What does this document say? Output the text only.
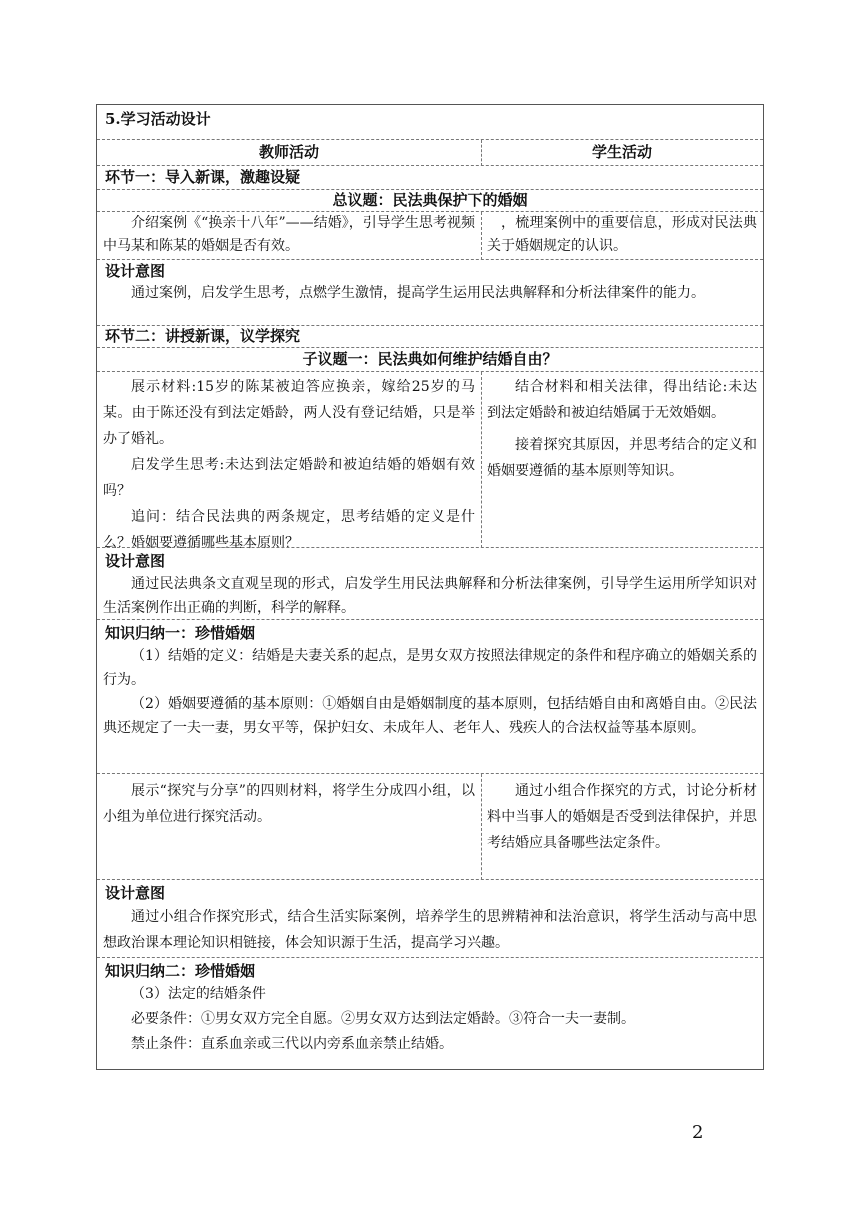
5.学习活动设计
教师活动	学生活动
环节一：导入新课，激趣设疑
总议题：民法典保护下的婚姻

介绍案例《“换亲十八年”——结婚》，引导学生思考视频中马某和陈某的婚姻是否有效。

，梳理案例中的重要信息，形成对民法典关于婚姻规定的认识。

设计意图

通过案例，启发学生思考，点燃学生激情，提高学生运用民法典解释和分析法律案件的能力。

环节二：讲授新课，议学探究
子议题一：民法典如何维护结婚自由？

展示材料:15岁的陈某被迫答应换亲，嫁给25岁的马某。由于陈还没有到法定婚龄，两人没有登记结婚，只是举办了婚礼。

启发学生思考:未达到法定婚龄和被迫结婚的婚姻有效吗？

追问：结合民法典的两条规定，思考结婚的定义是什么？婚姻要遵循哪些基本原则？

结合材料和相关法律，得出结论:未达到法定婚龄和被迫结婚属于无效婚姻。

接着探究其原因，并思考结合的定义和婚姻要遵循的基本原则等知识。

设计意图

通过民法典条文直观呈现的形式，启发学生用民法典解释和分析法律案例，引导学生运用所学知识对生活案例作出正确的判断，科学的解释。

知识归纳一：珍惜婚姻

（1）结婚的定义：结婚是夫妻关系的起点，是男女双方按照法律规定的条件和程序确立的婚姻关系的行为。

（2）婚姻要遵循的基本原则：①婚姻自由是婚姻制度的基本原则，包括结婚自由和离婚自由。②民法典还规定了一夫一妻，男女平等，保护妇女、未成年人、老年人、残疾人的合法权益等基本原则。

展示“探究与分享”的四则材料，将学生分成四小组，以小组为单位进行探究活动。

通过小组合作探究的方式，讨论分析材料中当事人的婚姻是否受到法律保护，并思考结婚应具备哪些法定条件。

设计意图

通过小组合作探究形式，结合生活实际案例，培养学生的思辨精神和法治意识，将学生活动与高中思想政治课本理论知识相链接，体会知识源于生活，提高学习兴趣。

知识归纳二：珍惜婚姻

（3）法定的结婚条件

必要条件：①男女双方完全自愿。②男女双方达到法定婚龄。③符合一夫一妻制。

禁止条件：直系血亲或三代以内旁系血亲禁止结婚。

2
